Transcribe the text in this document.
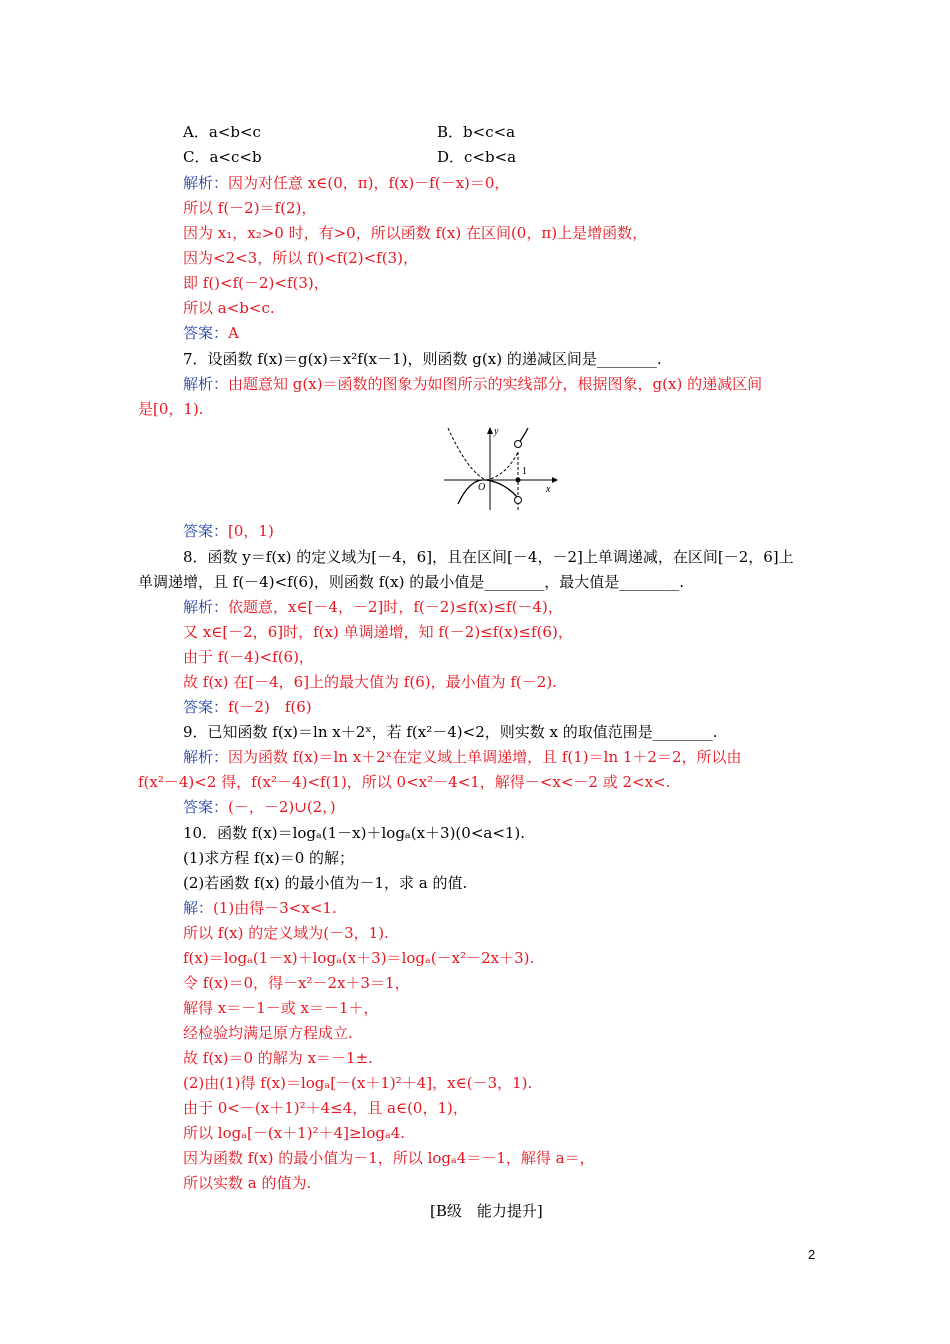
A．a<b<c	B．b<c<a
C．a<c<b	D．c<b<a
解析：因为对任意 x∈(0，π)，f(x)－f(－x)＝0，
所以 f(－2)＝f(2)，
因为 x₁，x₂>0 时，有>0，所以函数 f(x) 在区间(0，π)上是增函数，
因为<2<3，所以 f()<f(2)<f(3)，
即 f()<f(－2)<f(3)，
所以 a<b<c.
答案：A
7．设函数 f(x)＝g(x)＝x²f(x－1)，则函数 g(x) 的递减区间是________.
解析：由题意知 g(x)＝函数的图象为如图所示的实线部分，根据图象，g(x) 的递减区间
是[0，1).
y
x
O
1
答案：[0，1)
8．函数 y＝f(x) 的定义域为[－4，6]，且在区间[－4，－2]上单调递减，在区间[－2，6]上
单调递增，且 f(－4)<f(6)，则函数 f(x) 的最小值是________，最大值是________.
解析：依题意，x∈[－4，－2]时，f(－2)≤f(x)≤f(－4)，
又 x∈[－2，6]时，f(x) 单调递增，知 f(－2)≤f(x)≤f(6)，
由于 f(－4)<f(6)，
故 f(x) 在[－4，6]上的最大值为 f(6)，最小值为 f(－2).
答案：f(－2)　f(6)
9．已知函数 f(x)＝ln x＋2ˣ，若 f(x²－4)<2，则实数 x 的取值范围是________.
解析：因为函数 f(x)＝ln x＋2ˣ在定义域上单调递增，且 f(1)＝ln 1＋2＝2，所以由
f(x²－4)<2 得，f(x²－4)<f(1)，所以 0<x²－4<1，解得－<x<－2 或 2<x<.
答案：(－，－2)∪(2，)
10．函数 f(x)＝logₐ(1－x)＋logₐ(x＋3)(0<a<1).
(1)求方程 f(x)＝0 的解；
(2)若函数 f(x) 的最小值为－1，求 a 的值.
解：(1)由得－3<x<1.
所以 f(x) 的定义域为(－3，1).
f(x)＝logₐ(1－x)＋logₐ(x＋3)＝logₐ(－x²－2x＋3).
令 f(x)＝0，得－x²－2x＋3＝1，
解得 x＝－1－或 x＝－1＋，
经检验均满足原方程成立.
故 f(x)＝0 的解为 x＝－1±.
(2)由(1)得 f(x)＝logₐ[－(x＋1)²＋4]，x∈(－3，1).
由于 0<－(x＋1)²＋4≤4，且 a∈(0，1)，
所以 logₐ[－(x＋1)²＋4]≥logₐ4.
因为函数 f(x) 的最小值为－1，所以 logₐ4＝－1，解得 a＝，
所以实数 a 的值为.
[B级　能力提升]
2
